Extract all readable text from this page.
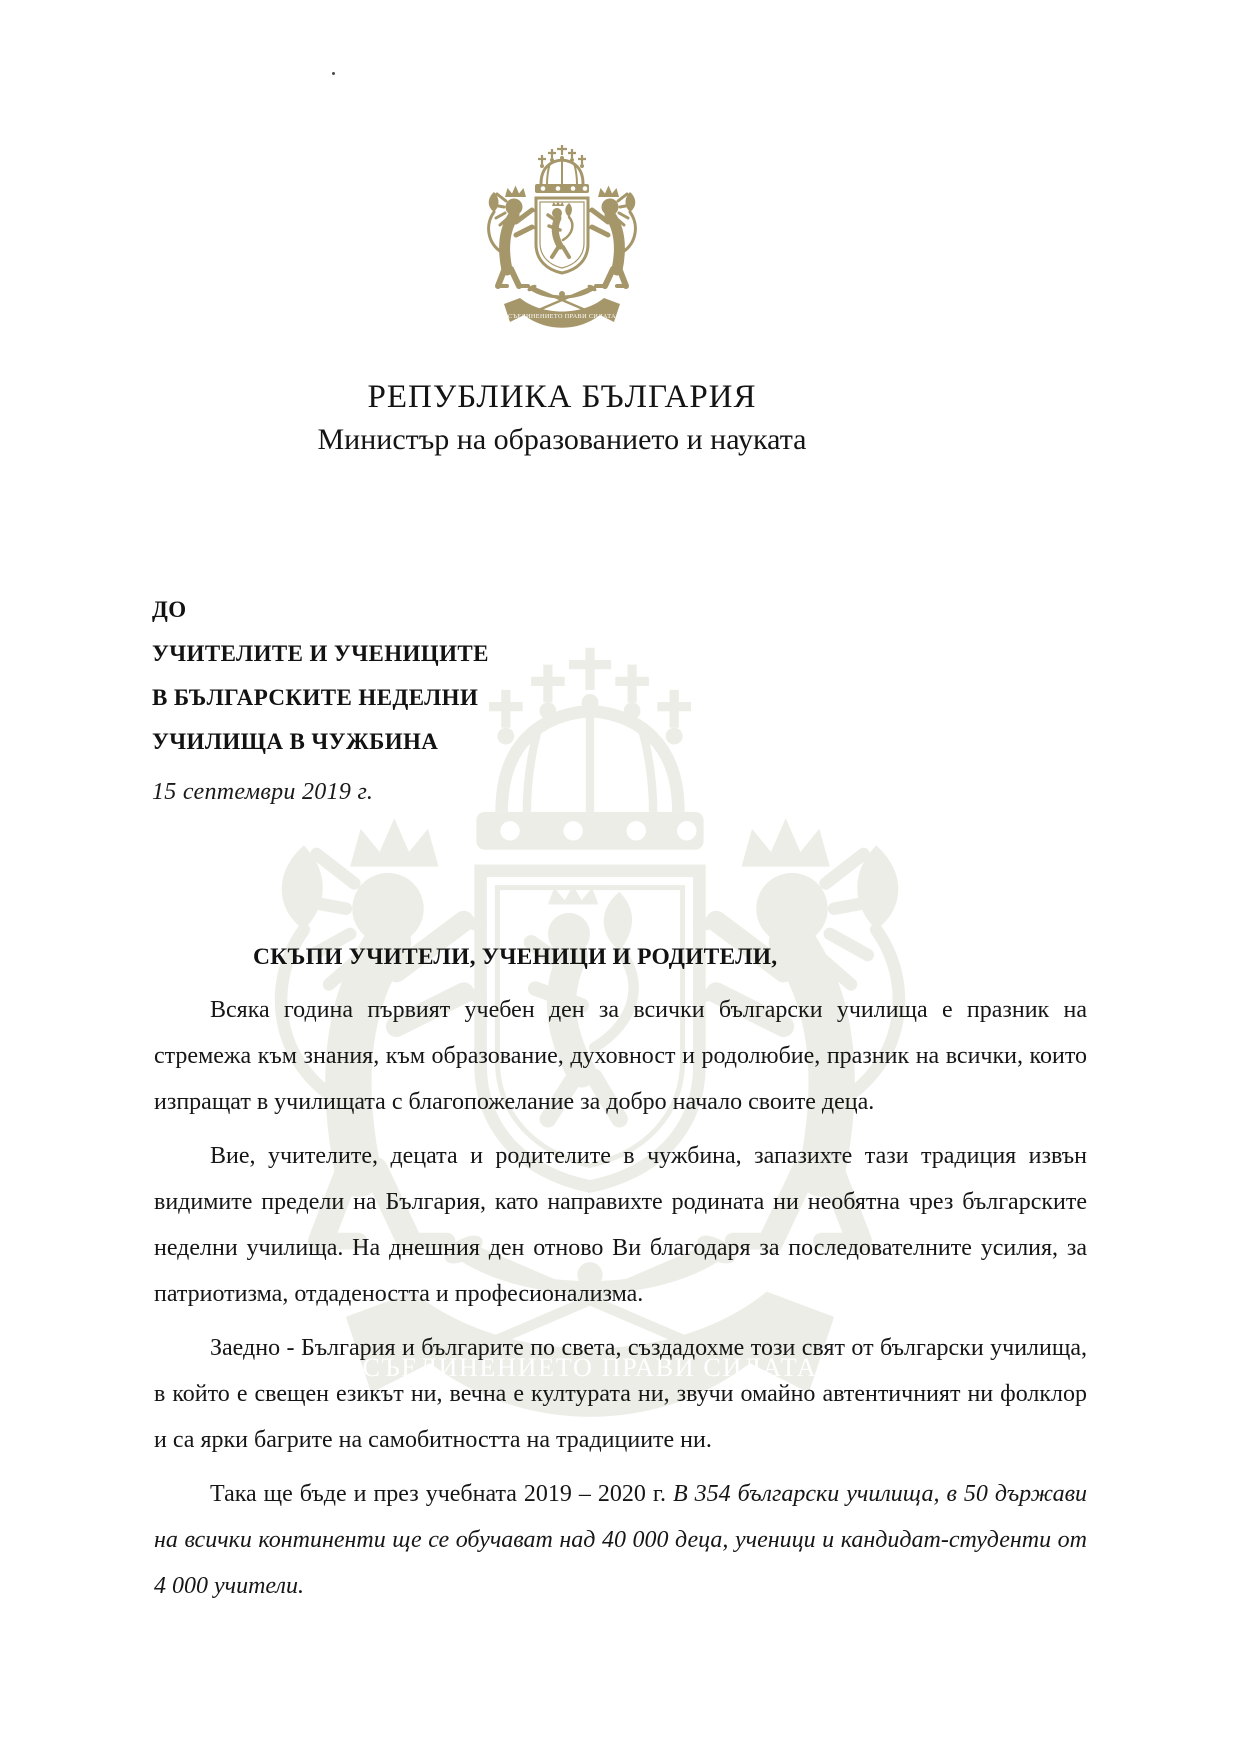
РЕПУБЛИКА БЪЛГАРИЯ
Министър на образованието и науката
ДО
УЧИТЕЛИТЕ И УЧЕНИЦИТЕ
В БЪЛГАРСКИТЕ НЕДЕЛНИ
УЧИЛИЩА В ЧУЖБИНА
15 септември 2019 г.
СКЪПИ УЧИТЕЛИ, УЧЕНИЦИ И РОДИТЕЛИ,

Всяка година първият учебен ден за всички български училища е празник на стремежа към знания, към образование, духовност и родолюбие, празник на всички, които изпращат в училищата с благопожелание за добро начало своите деца.

Вие, учителите, децата и родителите в чужбина, запазихте тази традиция извън видимите предели на България, като направихте родината ни необятна чрез българските неделни училища. На днешния ден отново Ви благодаря за последователните усилия, за патриотизма, отдадеността и професионализма.

Заедно - България и българите по света, създадохме този свят от български училища, в който е свещен езикът ни, вечна е културата ни, звучи омайно автентичният ни фолклор и са ярки багрите на самобитността на традициите ни.

Така ще бъде и през учебната 2019 – 2020 г. В 354 български училища, в 50 държави на всички континенти ще се обучават над 40 000 деца, ученици и кандидат-студенти от 4 000 учители.
